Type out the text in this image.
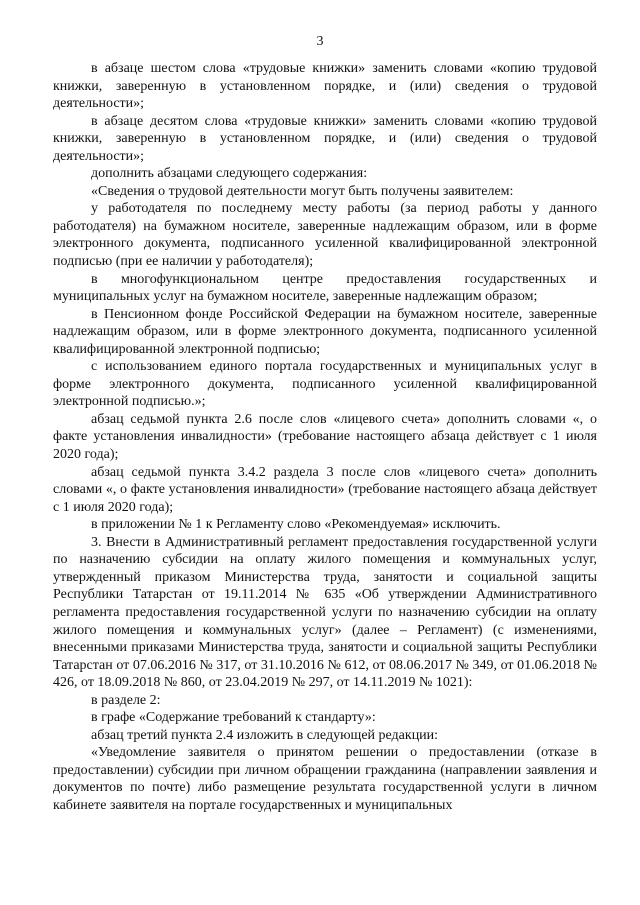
3

в абзаце шестом слова «трудовые книжки» заменить словами «копию трудовой книжки, заверенную в установленном порядке, и (или) сведения о трудовой деятельности»;

в абзаце десятом слова «трудовые книжки» заменить словами «копию трудовой книжки, заверенную в установленном порядке, и (или) сведения о трудовой деятельности»;

дополнить абзацами следующего содержания:

«Сведения о трудовой деятельности могут быть получены заявителем:

у работодателя по последнему месту работы (за период работы у данного работодателя) на бумажном носителе, заверенные надлежащим образом, или в форме электронного документа, подписанного усиленной квалифицированной электронной подписью (при ее наличии у работодателя);

в многофункциональном центре предоставления государственных и муниципальных услуг на бумажном носителе, заверенные надлежащим образом;

в Пенсионном фонде Российской Федерации на бумажном носителе, заверенные надлежащим образом, или в форме электронного документа, подписанного усиленной квалифицированной электронной подписью;

с использованием единого портала государственных и муниципальных услуг в форме электронного документа, подписанного усиленной квалифицированной электронной подписью.»;

абзац седьмой пункта 2.6 после слов «лицевого счета» дополнить словами «, о факте установления инвалидности» (требование настоящего абзаца действует с 1 июля 2020 года);

абзац седьмой пункта 3.4.2 раздела 3 после слов «лицевого счета» дополнить словами «, о факте установления инвалидности» (требование настоящего абзаца действует с 1 июля 2020 года);

в приложении № 1 к Регламенту слово «Рекомендуемая» исключить.

3. Внести в Административный регламент предоставления государственной услуги по назначению субсидии на оплату жилого помещения и коммунальных услуг, утвержденный приказом Министерства труда, занятости и социальной защиты Республики Татарстан от 19.11.2014 № 635 «Об утверждении Административного регламента предоставления государственной услуги по назначению субсидии на оплату жилого помещения и коммунальных услуг» (далее – Регламент) (с изменениями, внесенными приказами Министерства труда, занятости и социальной защиты Республики Татарстан от 07.06.2016 № 317, от 31.10.2016 № 612, от 08.06.2017 № 349, от 01.06.2018 № 426, от 18.09.2018 № 860, от 23.04.2019 № 297, от 14.11.2019 № 1021):

в разделе 2:

в графе «Содержание требований к стандарту»:

абзац третий пункта 2.4 изложить в следующей редакции:

«Уведомление заявителя о принятом решении о предоставлении (отказе в предоставлении) субсидии при личном обращении гражданина (направлении заявления и документов по почте) либо размещение результата государственной услуги в личном кабинете заявителя на портале государственных и муниципальных
